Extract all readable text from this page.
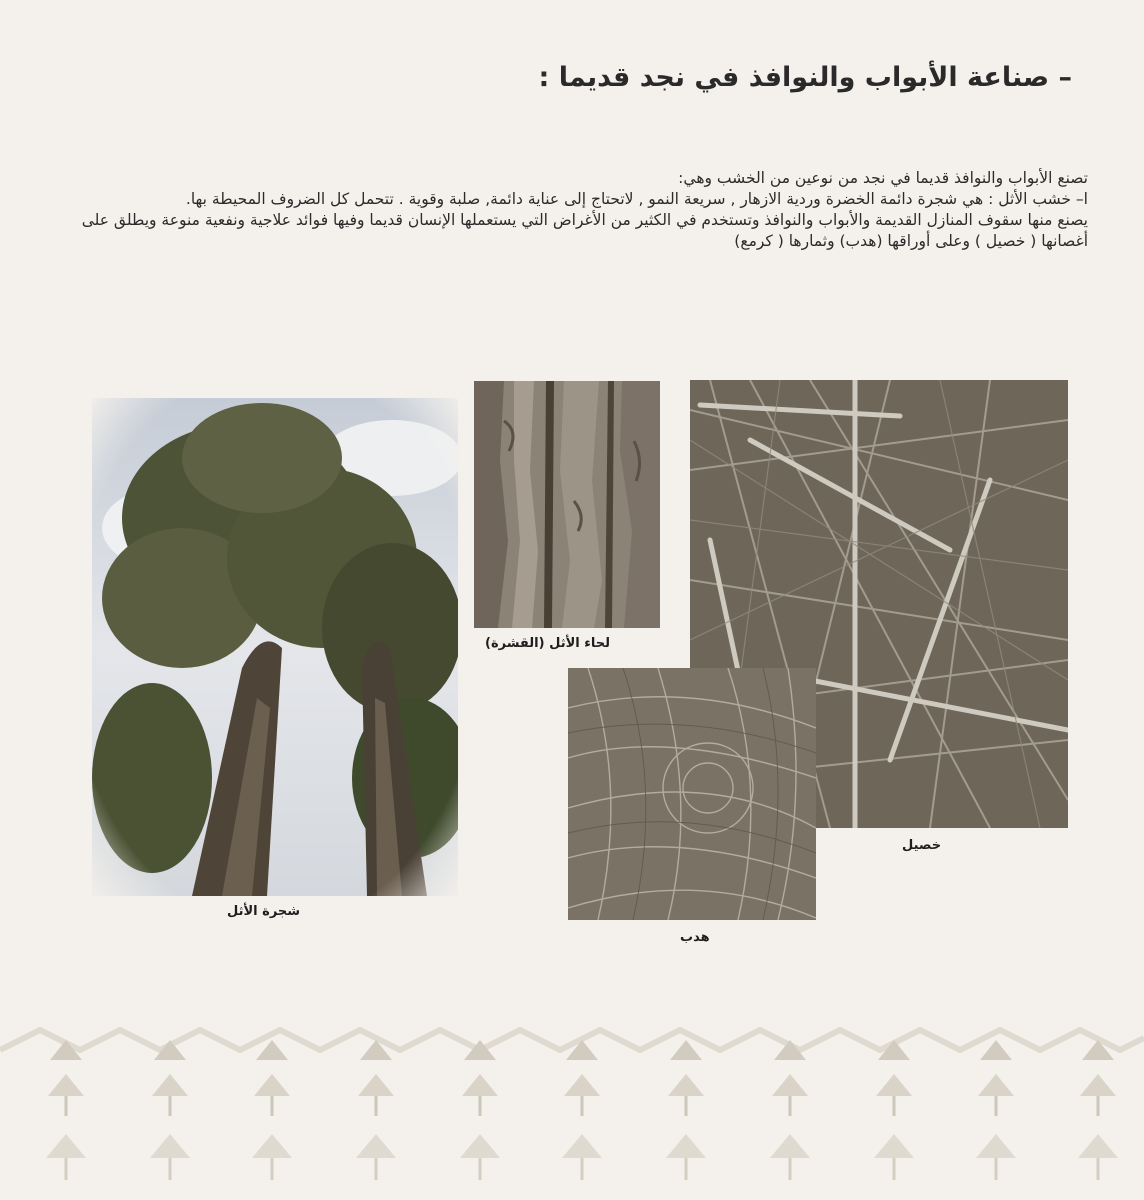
– صناعة الأبواب والنوافذ في نجد قديما :

تصنع الأبواب والنوافذ قديما في نجد من نوعين من الخشب وهي:

ا– خشب الأثل : هي شجرة دائمة الخضرة وردية الازهار , سريعة النمو , لاتحتاج إلى عناية دائمة, صلبة وقوية . تتحمل كل الضروف المحيطة بها.

يصنع منها سقوف المنازل القديمة والأبواب والنوافذ وتستخدم في الكثير من الأغراض التي يستعملها الإنسان قديما وفيها فوائد علاجية ونفعية منوعة ويطلق على أغصانها ( خصيل ) وعلى أوراقها (هدب) وثمارها ( كرمع)

شجرة الأثل
لحاء الأثل (القشرة)
خصيل
هدب
